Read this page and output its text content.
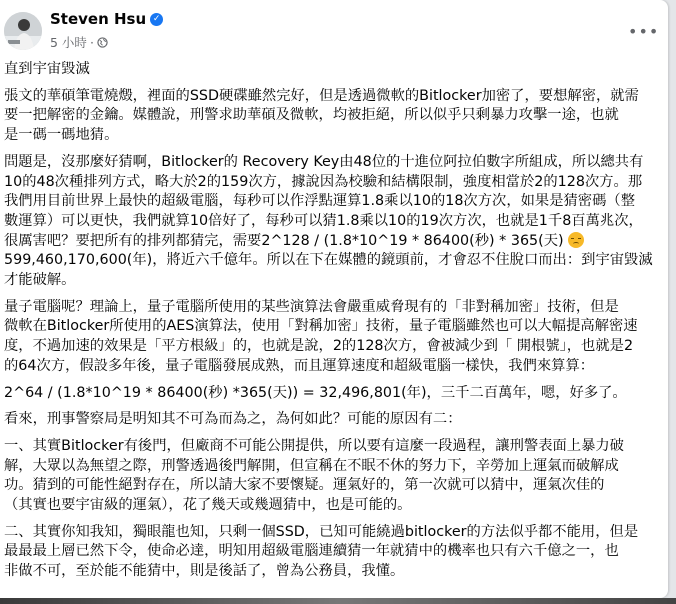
Steven Hsu ✓
5 小時 ·
•••

直到宇宙毀滅

張文的華碩筆電燒燬，裡面的SSD硬碟雖然完好，但是透過微軟的Bitlocker加密了，要想解密，就需
要一把解密的金鑰。媒體說，刑警求助華碩及微軟，均被拒絕，所以似乎只剩暴力攻擊一途，也就
是一碼一碼地猜。

問題是，沒那麼好猜啊，Bitlocker的 Recovery Key由48位的十進位阿拉伯數字所組成，所以總共有
10的48次種排列方式，略大於2的159次方，據說因為校驗和結構限制，強度相當於2的128次方。那
我們用目前世界上最快的超級電腦，每秒可以作浮點運算1.8乘以10的18次方次，如果是猜密碼（整
數運算）可以更快，我們就算10倍好了，每秒可以猜1.8乘以10的19次方次，也就是1千8百萬兆次，
很厲害吧？要把所有的排列都猜完，需要2^128 / (1.8*10^19 * 86400(秒) * 365(天)
599,460,170,600(年)，將近六千億年。所以在下在媒體的鏡頭前，才會忍不住脫口而出：到宇宙毀滅
才能破解。

量子電腦呢？理論上，量子電腦所使用的某些演算法會嚴重威脅現有的「非對稱加密」技術，但是
微軟在Bitlocker所使用的AES演算法，使用「對稱加密」技術，量子電腦雖然也可以大幅提高解密速
度，不過加速的效果是「平方根級」的，也就是說，2的128次方，會被減少到「 開根號」，也就是2
的64次方，假設多年後，量子電腦發展成熟，而且運算速度和超級電腦一樣快，我們來算算：

2^64 / (1.8*10^19 * 86400(秒) *365(天)) = 32,496,801(年)，三千二百萬年，嗯，好多了。

看來，刑事警察局是明知其不可為而為之，為何如此？可能的原因有二：

一、其實Bitlocker有後門，但廠商不可能公開提供，所以要有這麼一段過程，讓刑警表面上暴力破
解，大眾以為無望之際，刑警透過後門解開，但宣稱在不眠不休的努力下，辛勞加上運氣而破解成
功。猜到的可能性絕對存在，所以請大家不要懷疑。運氣好的，第一次就可以猜中，運氣次佳的
（其實也要宇宙級的運氣），花了幾天或幾週猜中，也是可能的。

二、其實你知我知，獨眼龍也知，只剩一個SSD，已知可能繞過bitlocker的方法似乎都不能用，但是
最最最上層已然下令，使命必達，明知用超級電腦連續猜一年就猜中的機率也只有六千億之一，也
非做不可，至於能不能猜中，則是後話了，曾為公務員，我懂。
